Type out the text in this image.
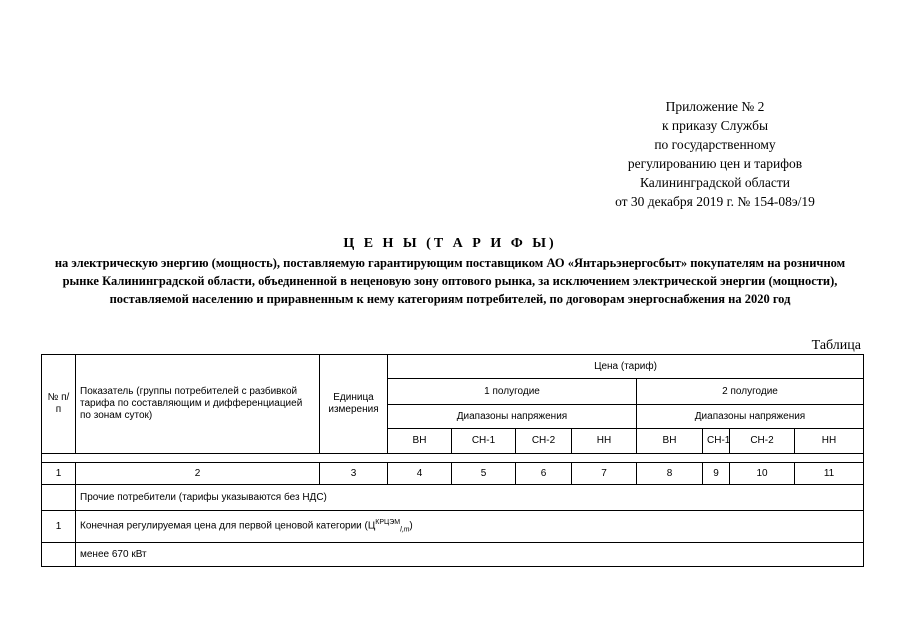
Приложение № 2
к приказу Службы
по государственному
регулированию цен и тарифов
Калининградской области
от 30 декабря 2019 г. № 154-08э/19
Ц Е Н Ы (Т А Р И Ф Ы)
на электрическую энергию (мощность), поставляемую гарантирующим поставщиком АО «Янтарьэнергосбыт» покупателям на розничном рынке Калининградской области, объединенной в неценовую зону оптового рынка, за исключением электрической энергии (мощности), поставляемой населению и приравненным к нему категориям потребителей, по договорам энергоснабжения на 2020 год
Таблица
№ п/п	Показатель (группы потребителей с разбивкой тарифа по составляющим и дифференциацией по зонам суток)	Единица измерения	Цена (тариф)							
			1 полугодие				2 полугодие			
			Диапазоны напряжения				Диапазоны напряжения			
			ВН	СН-1	СН-2	НН	ВН	СН-1	СН-2	НН

1	2	3	4	5	6	7	8	9	10	11
	Прочие потребители (тарифы указываются без НДС)									
1	Конечная регулируемая цена для первой ценовой категории $(Ц^{КРЦЭМ}_{l,m})$									
	менее 670 кВт									
